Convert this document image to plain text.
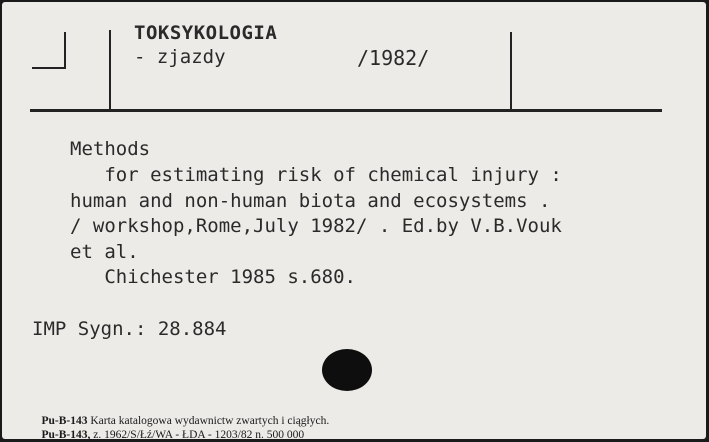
TOKSYKOLOGIA
- zjazdy	/1982/
Methods
for estimating risk of chemical injury :
human and non-human biota and ecosystems .
/ workshop,Rome,July 1982/ . Ed.by V.B.Vouk
et al.
Chichester 1985 s.680.
IMP Sygn.: 28.884

Pu-B-143 Karta katalogowa wydawnictw zwartych i ciągłych.

Pu-B-143, z. 1962/S/Łź/WA - ŁDA - 1203/82 n. 500 000
